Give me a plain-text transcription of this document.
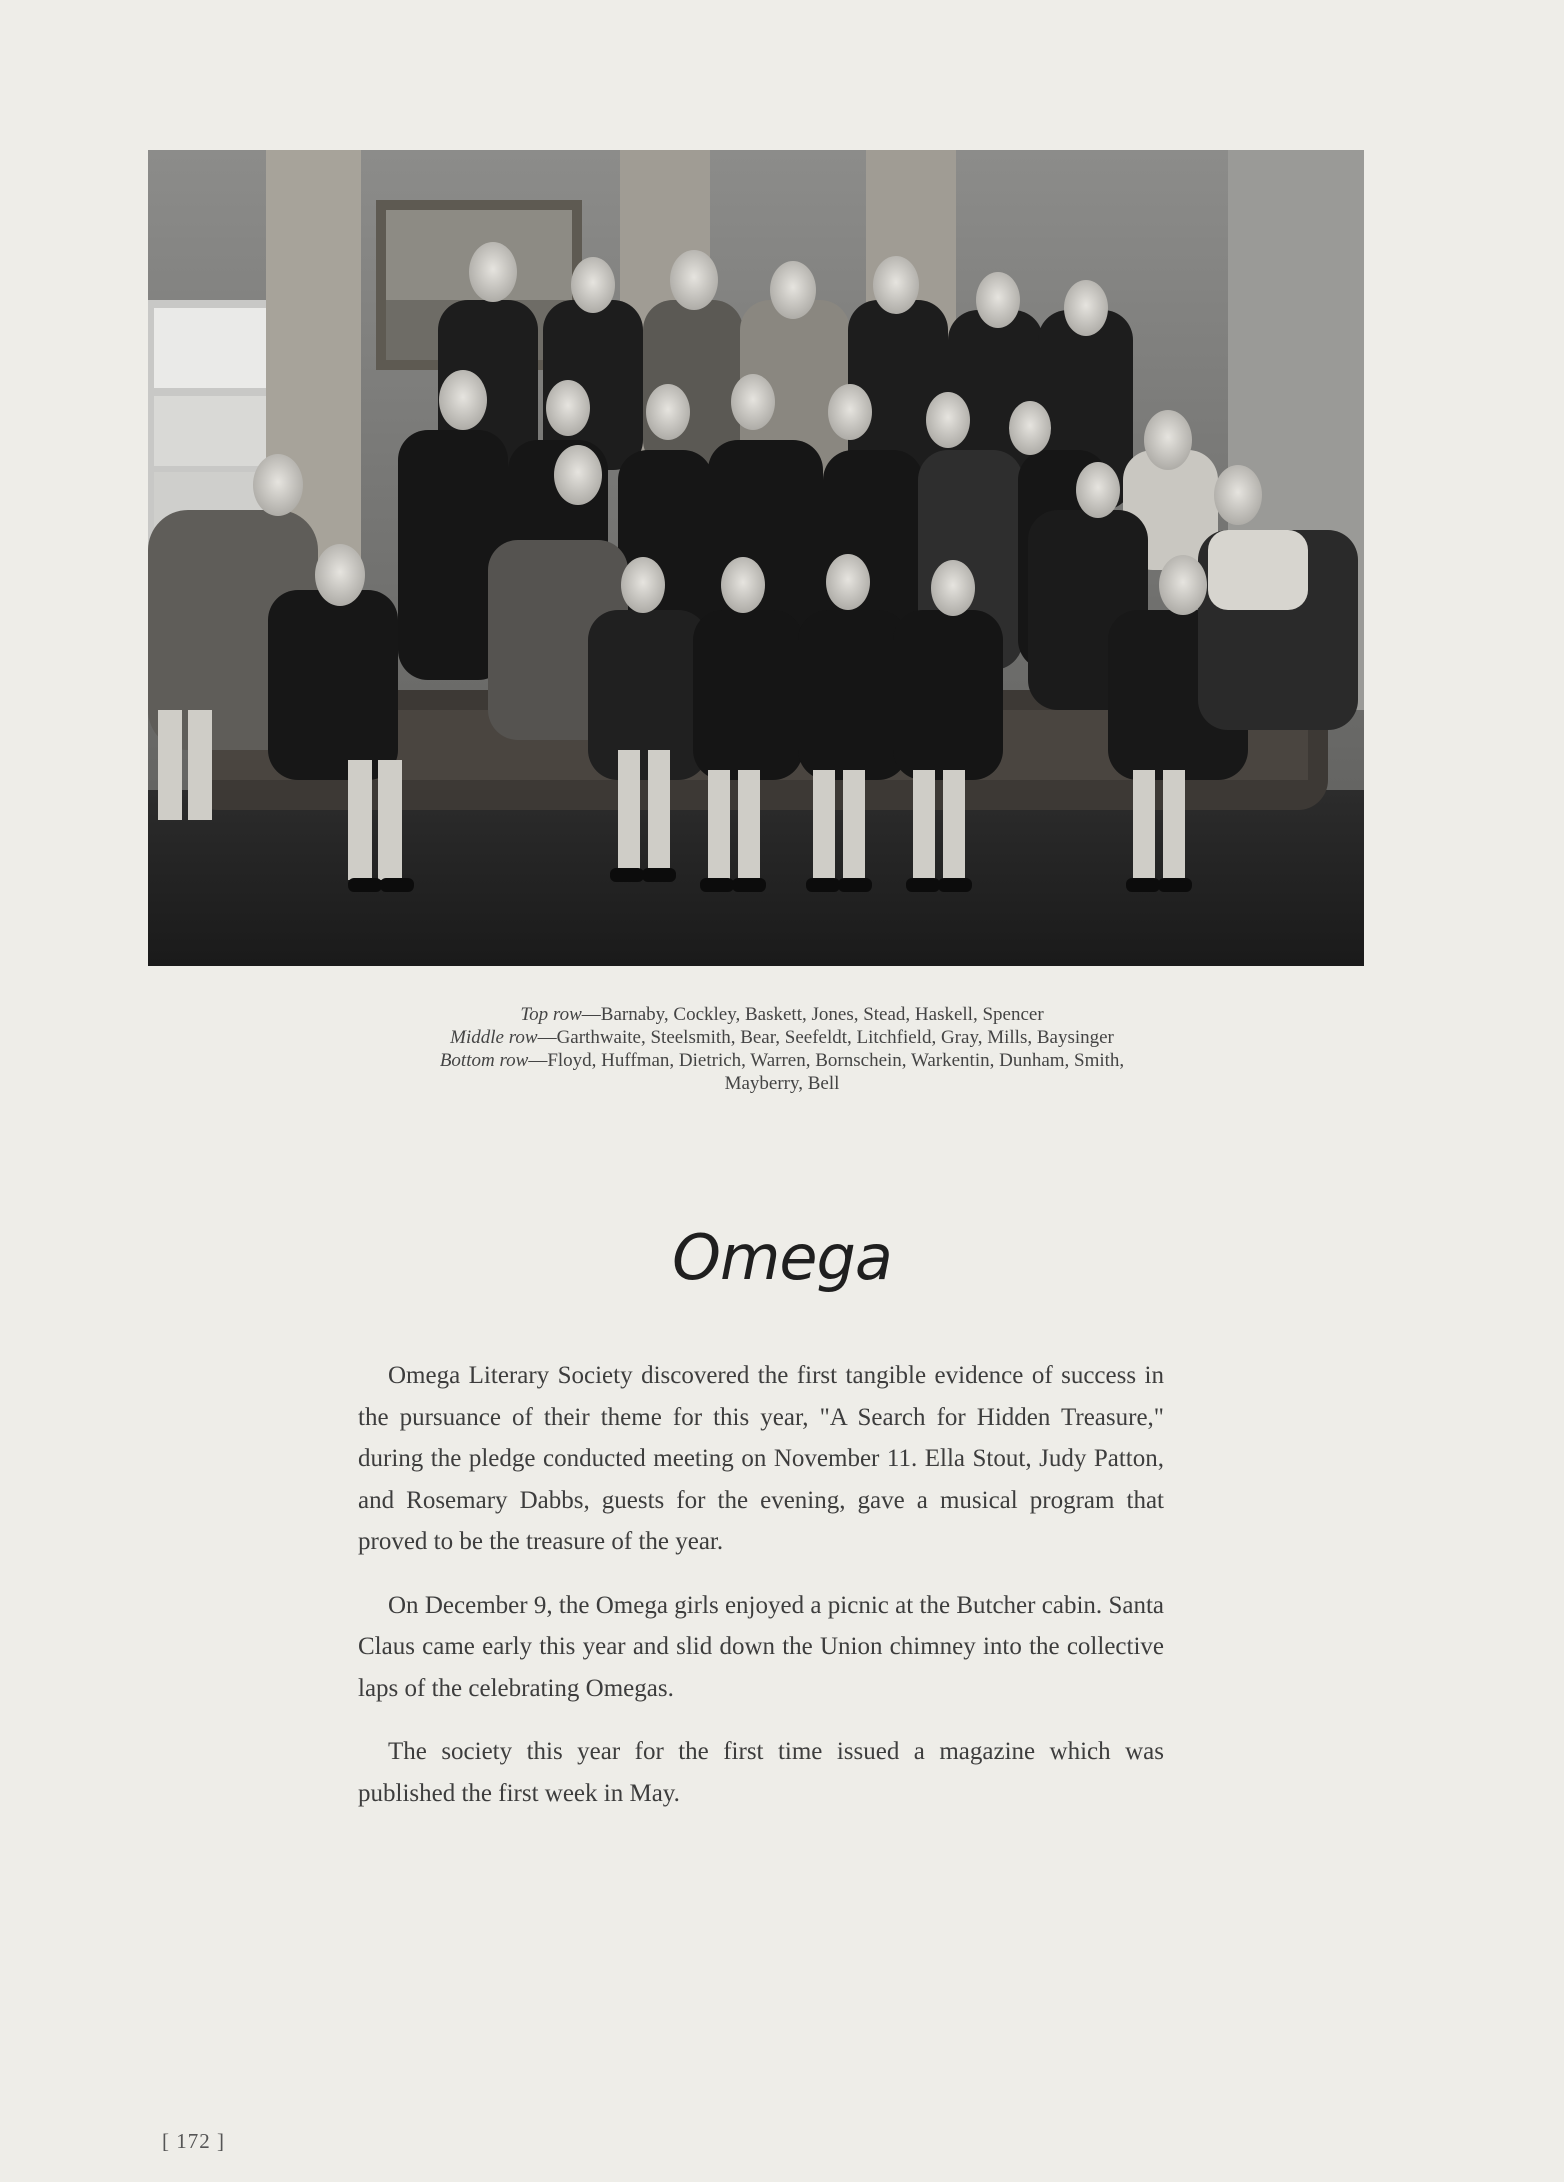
Top row—Barnaby, Cockley, Baskett, Jones, Stead, Haskell, Spencer
Middle row—Garthwaite, Steelsmith, Bear, Seefeldt, Litchfield, Gray, Mills, Baysinger
Bottom row—Floyd, Huffman, Dietrich, Warren, Bornschein, Warkentin, Dunham, Smith,
Mayberry, Bell
Omega

Omega Literary Society discovered the first tangible evidence of success in the pursuance of their theme for this year, "A Search for Hidden Treasure," during the pledge conducted meeting on November 11. Ella Stout, Judy Patton, and Rosemary Dabbs, guests for the evening, gave a musical program that proved to be the treasure of the year.

On December 9, the Omega girls enjoyed a picnic at the Butcher cabin. Santa Claus came early this year and slid down the Union chimney into the collective laps of the celebrating Omegas.

The society this year for the first time issued a magazine which was published the first week in May.

[ 172 ]
